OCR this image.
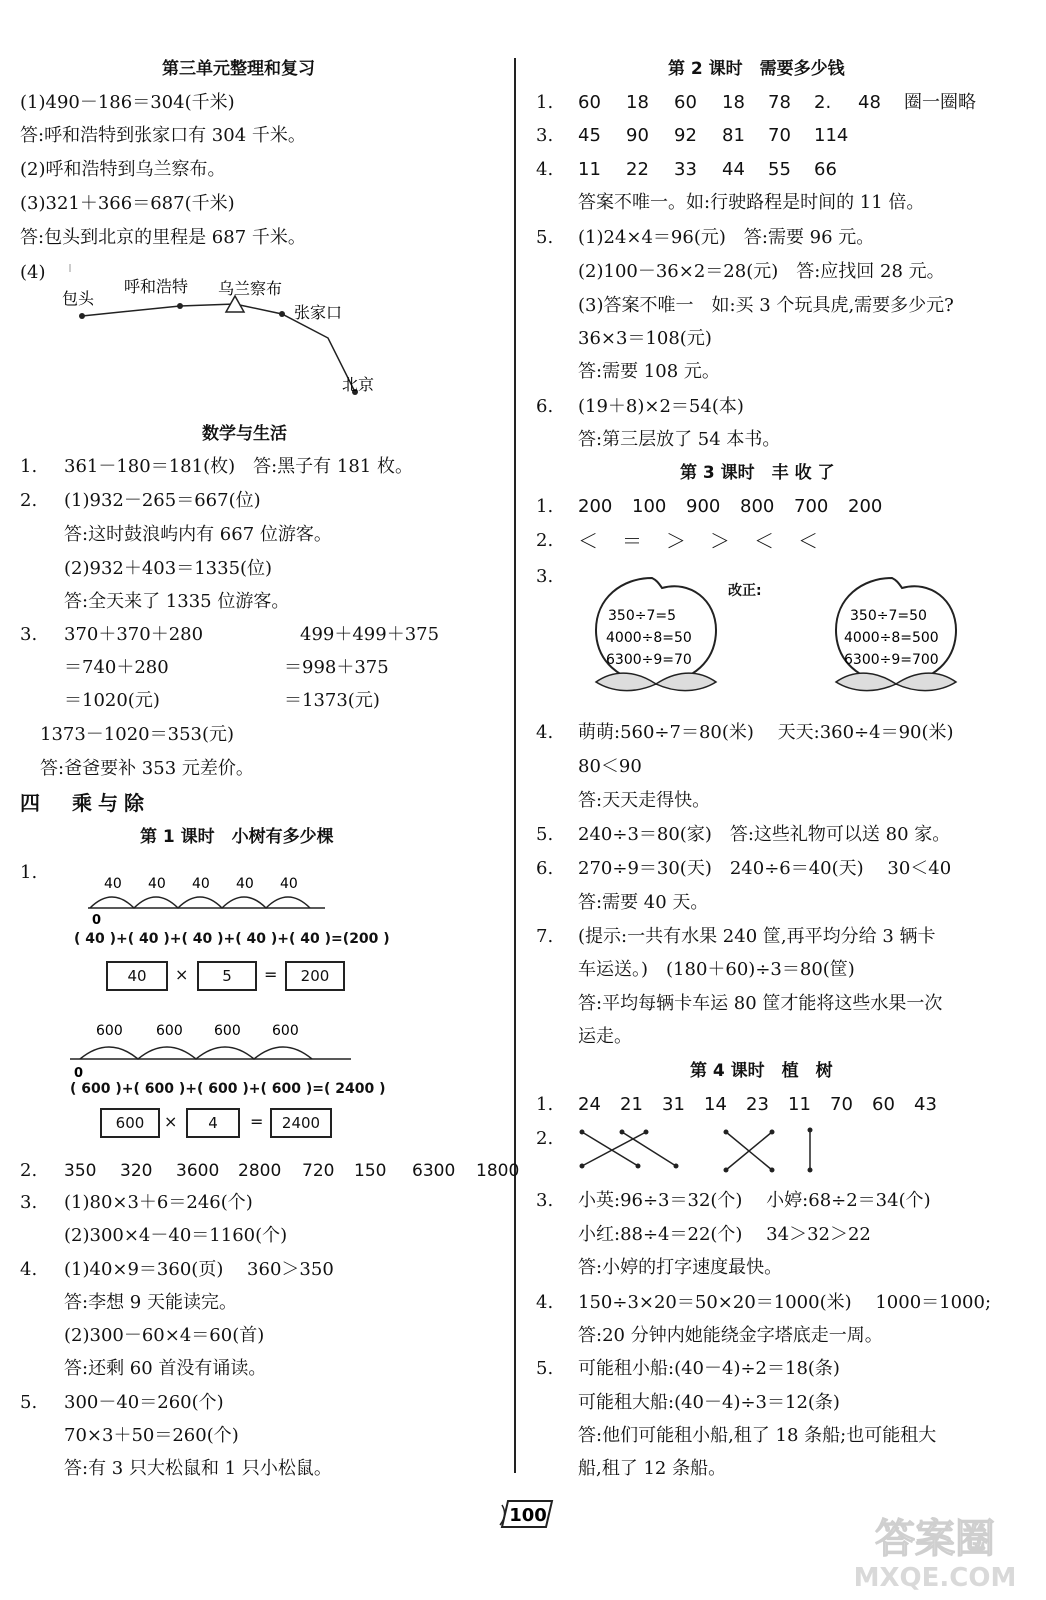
第三单元整理和复习
(1)490－186＝304(千米)
答:呼和浩特到张家口有 304 千米。
(2)呼和浩特到乌兰察布。
(3)321＋366＝687(千米)
答:包头到北京的里程是 687 千米。
(4)
包头
呼和浩特 乌兰察布
张家口
北京
数学与生活
1. 361－180＝181(枚)　答:黑子有 181 枚。
2. (1)932－265＝667(位)
答:这时鼓浪屿内有 667 位游客。
(2)932＋403＝1335(位)
答:全天来了 1335 位游客。
3. 370＋370＋280
＝740＋280
＝1020(元)
499＋499＋375
＝998＋375
＝1373(元)
1373－1020＝353(元)
答:爸爸要补 353 元差价。
四　乘与除
第 1 课时　小树有多少棵
1.
40 40 40 40 40
0
( 40 )+( 40 )+( 40 )+( 40 )+( 40 )=(200 )
40	×	5	=	200
600 600 600 600
0
( 600 )+( 600 )+( 600 )+( 600 )=( 2400 )
600	×	4	=	2400
2. 350 320 3600 2800 720 150 6300 1800
3. (1)80×3＋6＝246(个)
(2)300×4－40＝1160(个)
4. (1)40×9＝360(页)　 360＞350
答:李想 9 天能读完。
(2)300－60×4＝60(首)
答:还剩 60 首没有诵读。
5. 300－40＝260(个)
70×3＋50＝260(个)
答:有 3 只大松鼠和 1 只小松鼠。
第 2 课时　需要多少钱
1. 60 18 60 18 78 2. 48 圈一圈略
3. 45 90 92 81 70 114
4. 11 22 33 44 55 66
答案不唯一。如:行驶路程是时间的 11 倍。
5. (1)24×4＝96(元)　答:需要 96 元。
(2)100－36×2＝28(元)　答:应找回 28 元。
(3)答案不唯一　如:买 3 个玩具虎,需要多少元?
36×3＝108(元)
答:需要 108 元。
6. (19＋8)×2＝54(本)
答:第三层放了 54 本书。
第 3 课时　丰 收 了
1. 200 100 900 800 700 200
2. ＜ ＝ ＞ ＞ ＜ ＜
3.
改正:
350÷7=5
4000÷8=50
6300÷9=70
350÷7=50
4000÷8=500
6300÷9=700
4. 萌萌:560÷7＝80(米)　 天天:360÷4＝90(米)
80＜90
答:天天走得快。
5. 240÷3＝80(家)　答:这些礼物可以送 80 家。
6. 270÷9＝30(天)　240÷6＝40(天)　 30＜40
答:需要 40 天。
7. (提示:一共有水果 240 筐,再平均分给 3 辆卡
车运送。)　(180＋60)÷3＝80(筐)
答:平均每辆卡车运 80 筐才能将这些水果一次
运走。
第 4 课时　植　树
1. 24 21 31 14 23 11 70 60 43
2.
3. 小英:96÷3＝32(个)　 小婷:68÷2＝34(个)
小红:88÷4＝22(个)　 34＞32＞22
答:小婷的打字速度最快。
4. 150÷3×20＝50×20＝1000(米)　 1000＝1000;
答:20 分钟内她能绕金字塔底走一周。
5. 可能租小船:(40－4)÷2＝18(条)
可能租大船:(40－4)÷3＝12(条)
答:他们可能租小船,租了 18 条船;也可能租大
船,租了 12 条船。
100
答案圈
MXQE.COM
